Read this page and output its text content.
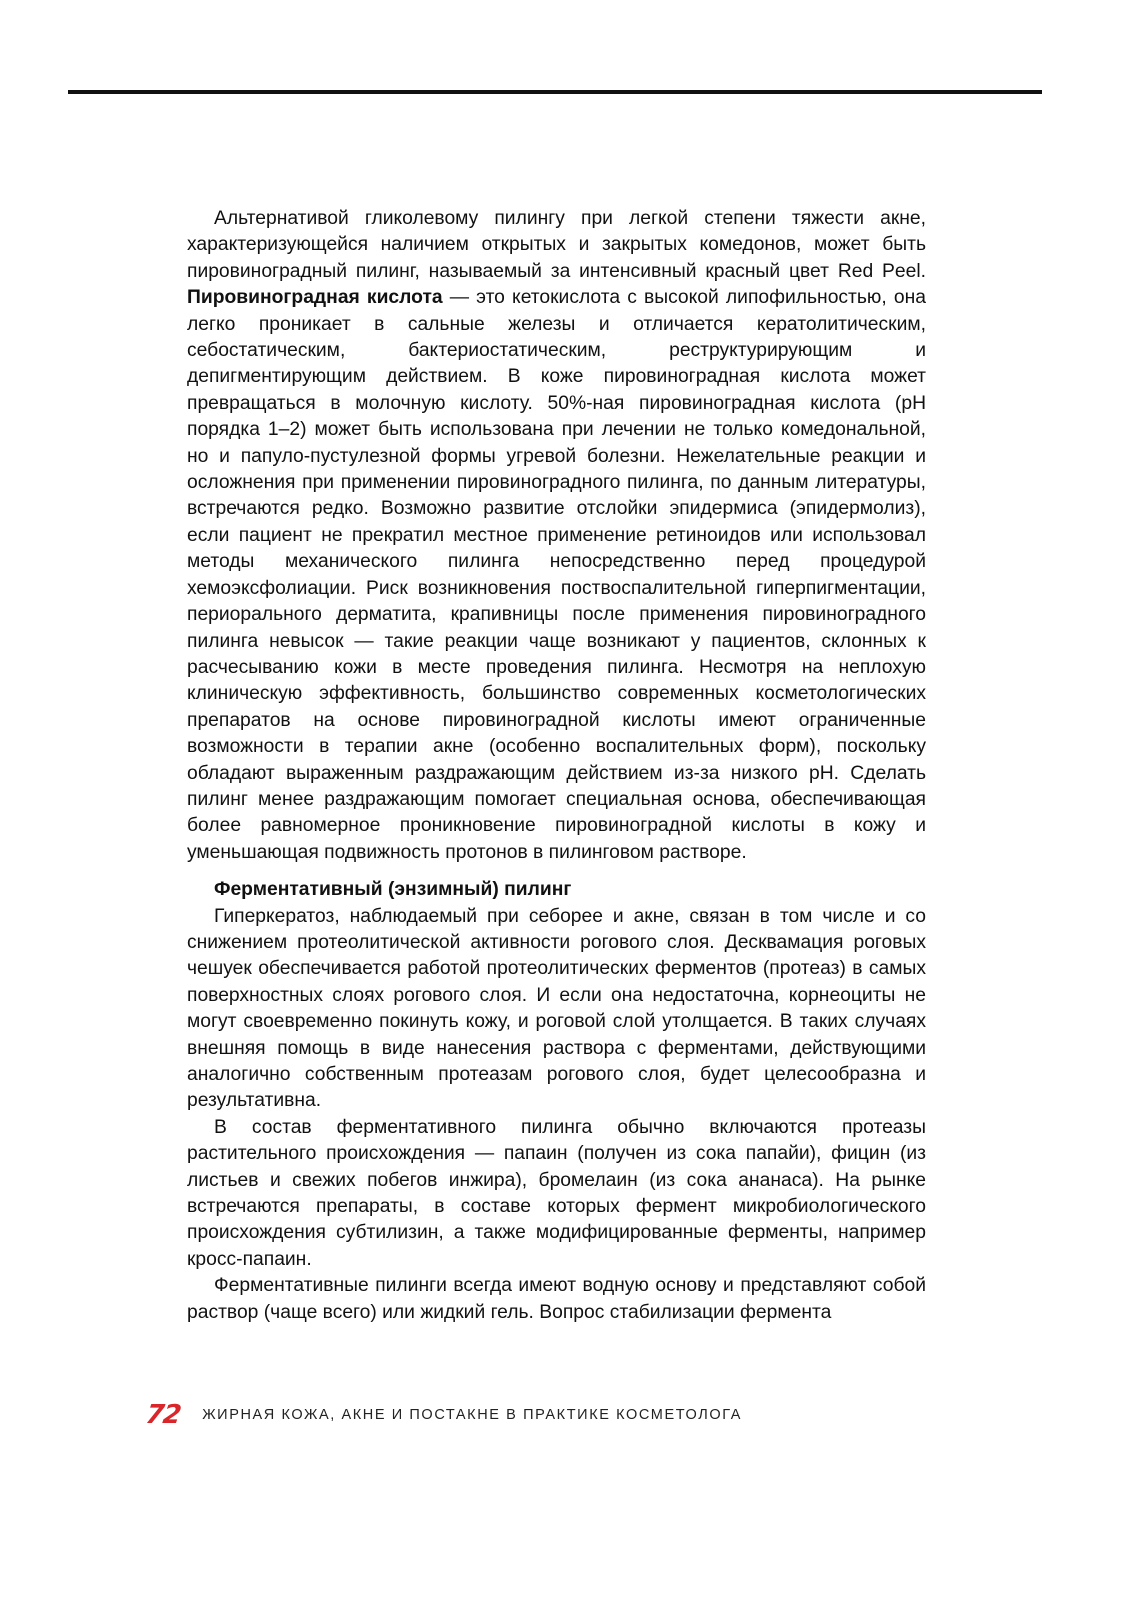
Альтернативой гликолевому пилингу при легкой степени тяжести акне, характеризующейся наличием открытых и закрытых комедонов, может быть пировиноградный пилинг, называемый за интенсивный красный цвет Red Peel. Пировиноградная кислота — это кетокислота с высокой липофильностью, она легко проникает в сальные железы и отличается кератолитическим, себостатическим, бактериостатическим, реструктурирующим и депигментирующим действием. В коже пировиноградная кислота может превращаться в молочную кислоту. 50%-ная пировиноградная кислота (рН порядка 1–2) может быть использована при лечении не только комедональной, но и папуло-пустулезной формы угревой болезни. Нежелательные реакции и осложнения при применении пировиноградного пилинга, по данным литературы, встречаются редко. Возможно развитие отслойки эпидермиса (эпидермолиз), если пациент не прекратил местное применение ретиноидов или использовал методы механического пилинга непосредственно перед процедурой хемоэксфолиации. Риск возникновения поствоспалительной гиперпигментации, периорального дерматита, крапивницы после применения пировиноградного пилинга невысок — такие реакции чаще возникают у пациентов, склонных к расчесыванию кожи в месте проведения пилинга. Несмотря на неплохую клиническую эффективность, большинство современных косметологических препаратов на основе пировиноградной кислоты имеют ограниченные возможности в терапии акне (особенно воспалительных форм), поскольку обладают выраженным раздражающим действием из-за низкого рН. Сделать пилинг менее раздражающим помогает специальная основа, обеспечивающая более равномерное проникновение пировиноградной кислоты в кожу и уменьшающая подвижность протонов в пилинговом растворе.

Ферментативный (энзимный) пилинг

Гиперкератоз, наблюдаемый при себорее и акне, связан в том числе и со снижением протеолитической активности рогового слоя. Десквамация роговых чешуек обеспечивается работой протеолитических ферментов (протеаз) в самых поверхностных слоях рогового слоя. И если она недостаточна, корнеоциты не могут своевременно покинуть кожу, и роговой слой утолщается. В таких случаях внешняя помощь в виде нанесения раствора с ферментами, действующими аналогично собственным протеазам рогового слоя, будет целесообразна и результативна.

В состав ферментативного пилинга обычно включаются протеазы растительного происхождения — папаин (получен из сока папайи), фицин (из листьев и свежих побегов инжира), бромелаин (из сока ананаса). На рынке встречаются препараты, в составе которых фермент микробиологического происхождения субтилизин, а также модифицированные ферменты, например кросс-папаин.

Ферментативные пилинги всегда имеют водную основу и представляют собой раствор (чаще всего) или жидкий гель. Вопрос стабилизации фермента

72 ЖИРНАЯ КОЖА, АКНЕ И ПОСТАКНЕ В ПРАКТИКЕ КОСМЕТОЛОГА
